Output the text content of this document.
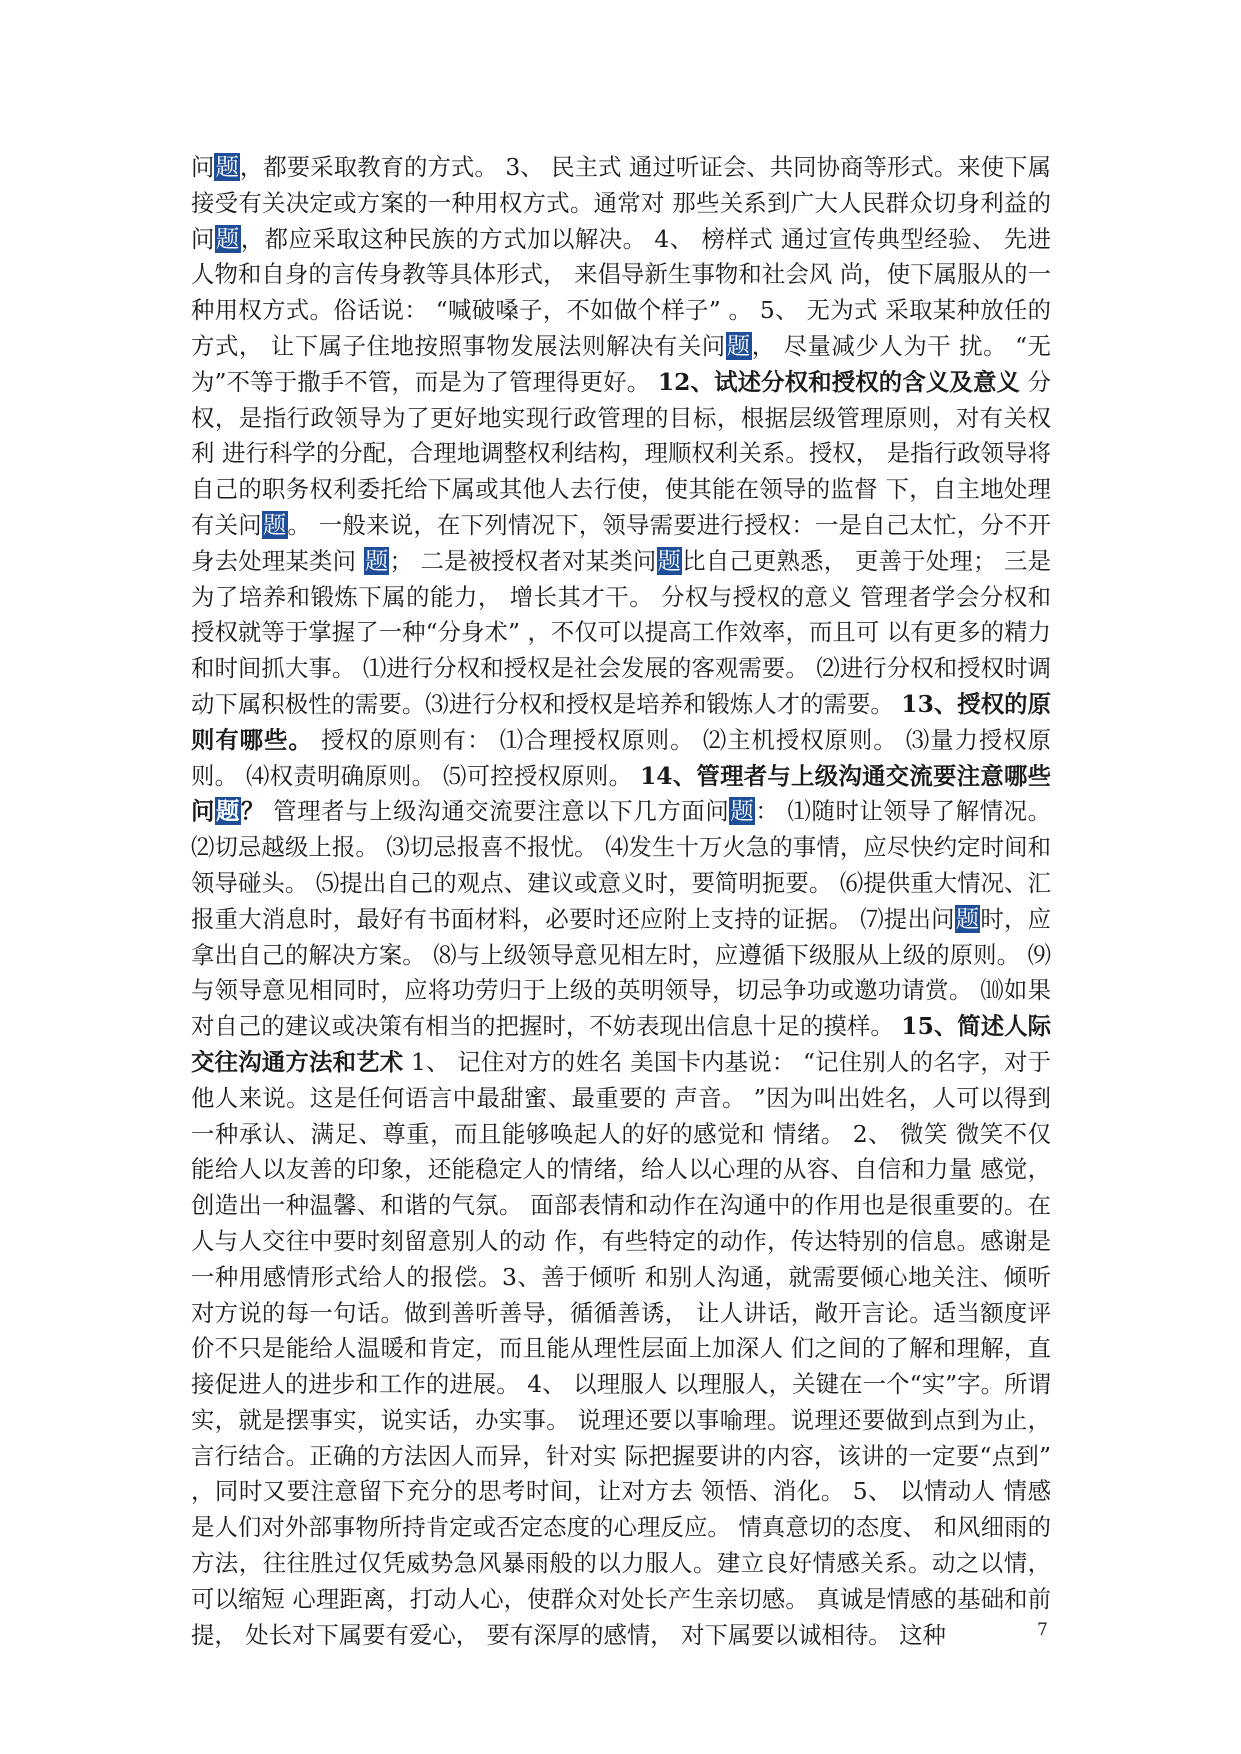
问题，都要采取教育的方式。 3、 民主式 通过听证会、共同协商等形式。来使下属接受有关决定或方案的一种用权方式。通常对 那些关系到广大人民群众切身利益的问题，都应采取这种民族的方式加以解决。 4、 榜样式 通过宣传典型经验、 先进人物和自身的言传身教等具体形式， 来倡导新生事物和社会风 尚，使下属服从的一种用权方式。俗话说： “喊破嗓子，不如做个样子” 。 5、 无为式 采取某种放任的方式， 让下属子住地按照事物发展法则解决有关问题， 尽量减少人为干 扰。 “无为”不等于撒手不管，而是为了管理得更好。 12、试述分权和授权的含义及意义 分权，是指行政领导为了更好地实现行政管理的目标，根据层级管理原则，对有关权利 进行科学的分配，合理地调整权利结构，理顺权利关系。授权， 是指行政领导将自己的职务权利委托给下属或其他人去行使，使其能在领导的监督 下，自主地处理有关问题。 一般来说，在下列情况下，领导需要进行授权：一是自己太忙，分不开身去处理某类问 题； 二是被授权者对某类问题比自己更熟悉， 更善于处理； 三是为了培养和锻炼下属的能力， 增长其才干。 分权与授权的意义 管理者学会分权和授权就等于掌握了一种“分身术” ，不仅可以提高工作效率，而且可 以有更多的精力和时间抓大事。 ⑴进行分权和授权是社会发展的客观需要。 ⑵进行分权和授权时调动下属积极性的需要。⑶进行分权和授权是培养和锻炼人才的需要。 13、授权的原则有哪些。 授权的原则有： ⑴合理授权原则。 ⑵主机授权原则。 ⑶量力授权原则。 ⑷权责明确原则。 ⑸可控授权原则。 14、管理者与上级沟通交流要注意哪些问题？ 管理者与上级沟通交流要注意以下几方面问题： ⑴随时让领导了解情况。 ⑵切忌越级上报。 ⑶切忌报喜不报忧。 ⑷发生十万火急的事情，应尽快约定时间和领导碰头。 ⑸提出自己的观点、建议或意义时，要简明扼要。 ⑹提供重大情况、汇报重大消息时，最好有书面材料，必要时还应附上支持的证据。 ⑺提出问题时，应拿出自己的解决方案。 ⑻与上级领导意见相左时，应遵循下级服从上级的原则。 ⑼与领导意见相同时，应将功劳归于上级的英明领导，切忌争功或邀功请赏。 ⑽如果对自己的建议或决策有相当的把握时，不妨表现出信息十足的摸样。 15、简述人际交往沟通方法和艺术 1、 记住对方的姓名 美国卡内基说： “记住别人的名字，对于他人来说。这是任何语言中最甜蜜、最重要的 声音。 ”因为叫出姓名，人可以得到一种承认、满足、尊重，而且能够唤起人的好的感觉和 情绪。 2、 微笑 微笑不仅能给人以友善的印象，还能稳定人的情绪，给人以心理的从容、自信和力量 感觉，创造出一种温馨、和谐的气氛。 面部表情和动作在沟通中的作用也是很重要的。在人与人交往中要时刻留意别人的动 作，有些特定的动作，传达特别的信息。感谢是一种用感情形式给人的报偿。3、善于倾听 和别人沟通，就需要倾心地关注、倾听对方说的每一句话。做到善听善导，循循善诱， 让人讲话，敞开言论。适当额度评价不只是能给人温暖和肯定，而且能从理性层面上加深人 们之间的了解和理解，直接促进人的进步和工作的进展。 4、 以理服人 以理服人，关键在一个“实”字。所谓实，就是摆事实，说实话，办实事。 说理还要以事喻理。说理还要做到点到为止，言行结合。正确的方法因人而异，针对实 际把握要讲的内容，该讲的一定要“点到” ，同时又要注意留下充分的思考时间，让对方去 领悟、消化。 5、 以情动人 情感是人们对外部事物所持肯定或否定态度的心理反应。 情真意切的态度、 和风细雨的 方法，往往胜过仅凭威势急风暴雨般的以力服人。建立良好情感关系。动之以情，可以缩短 心理距离，打动人心，使群众对处长产生亲切感。 真诚是情感的基础和前提， 处长对下属要有爱心， 要有深厚的感情， 对下属要以诚相待。 这种	7
